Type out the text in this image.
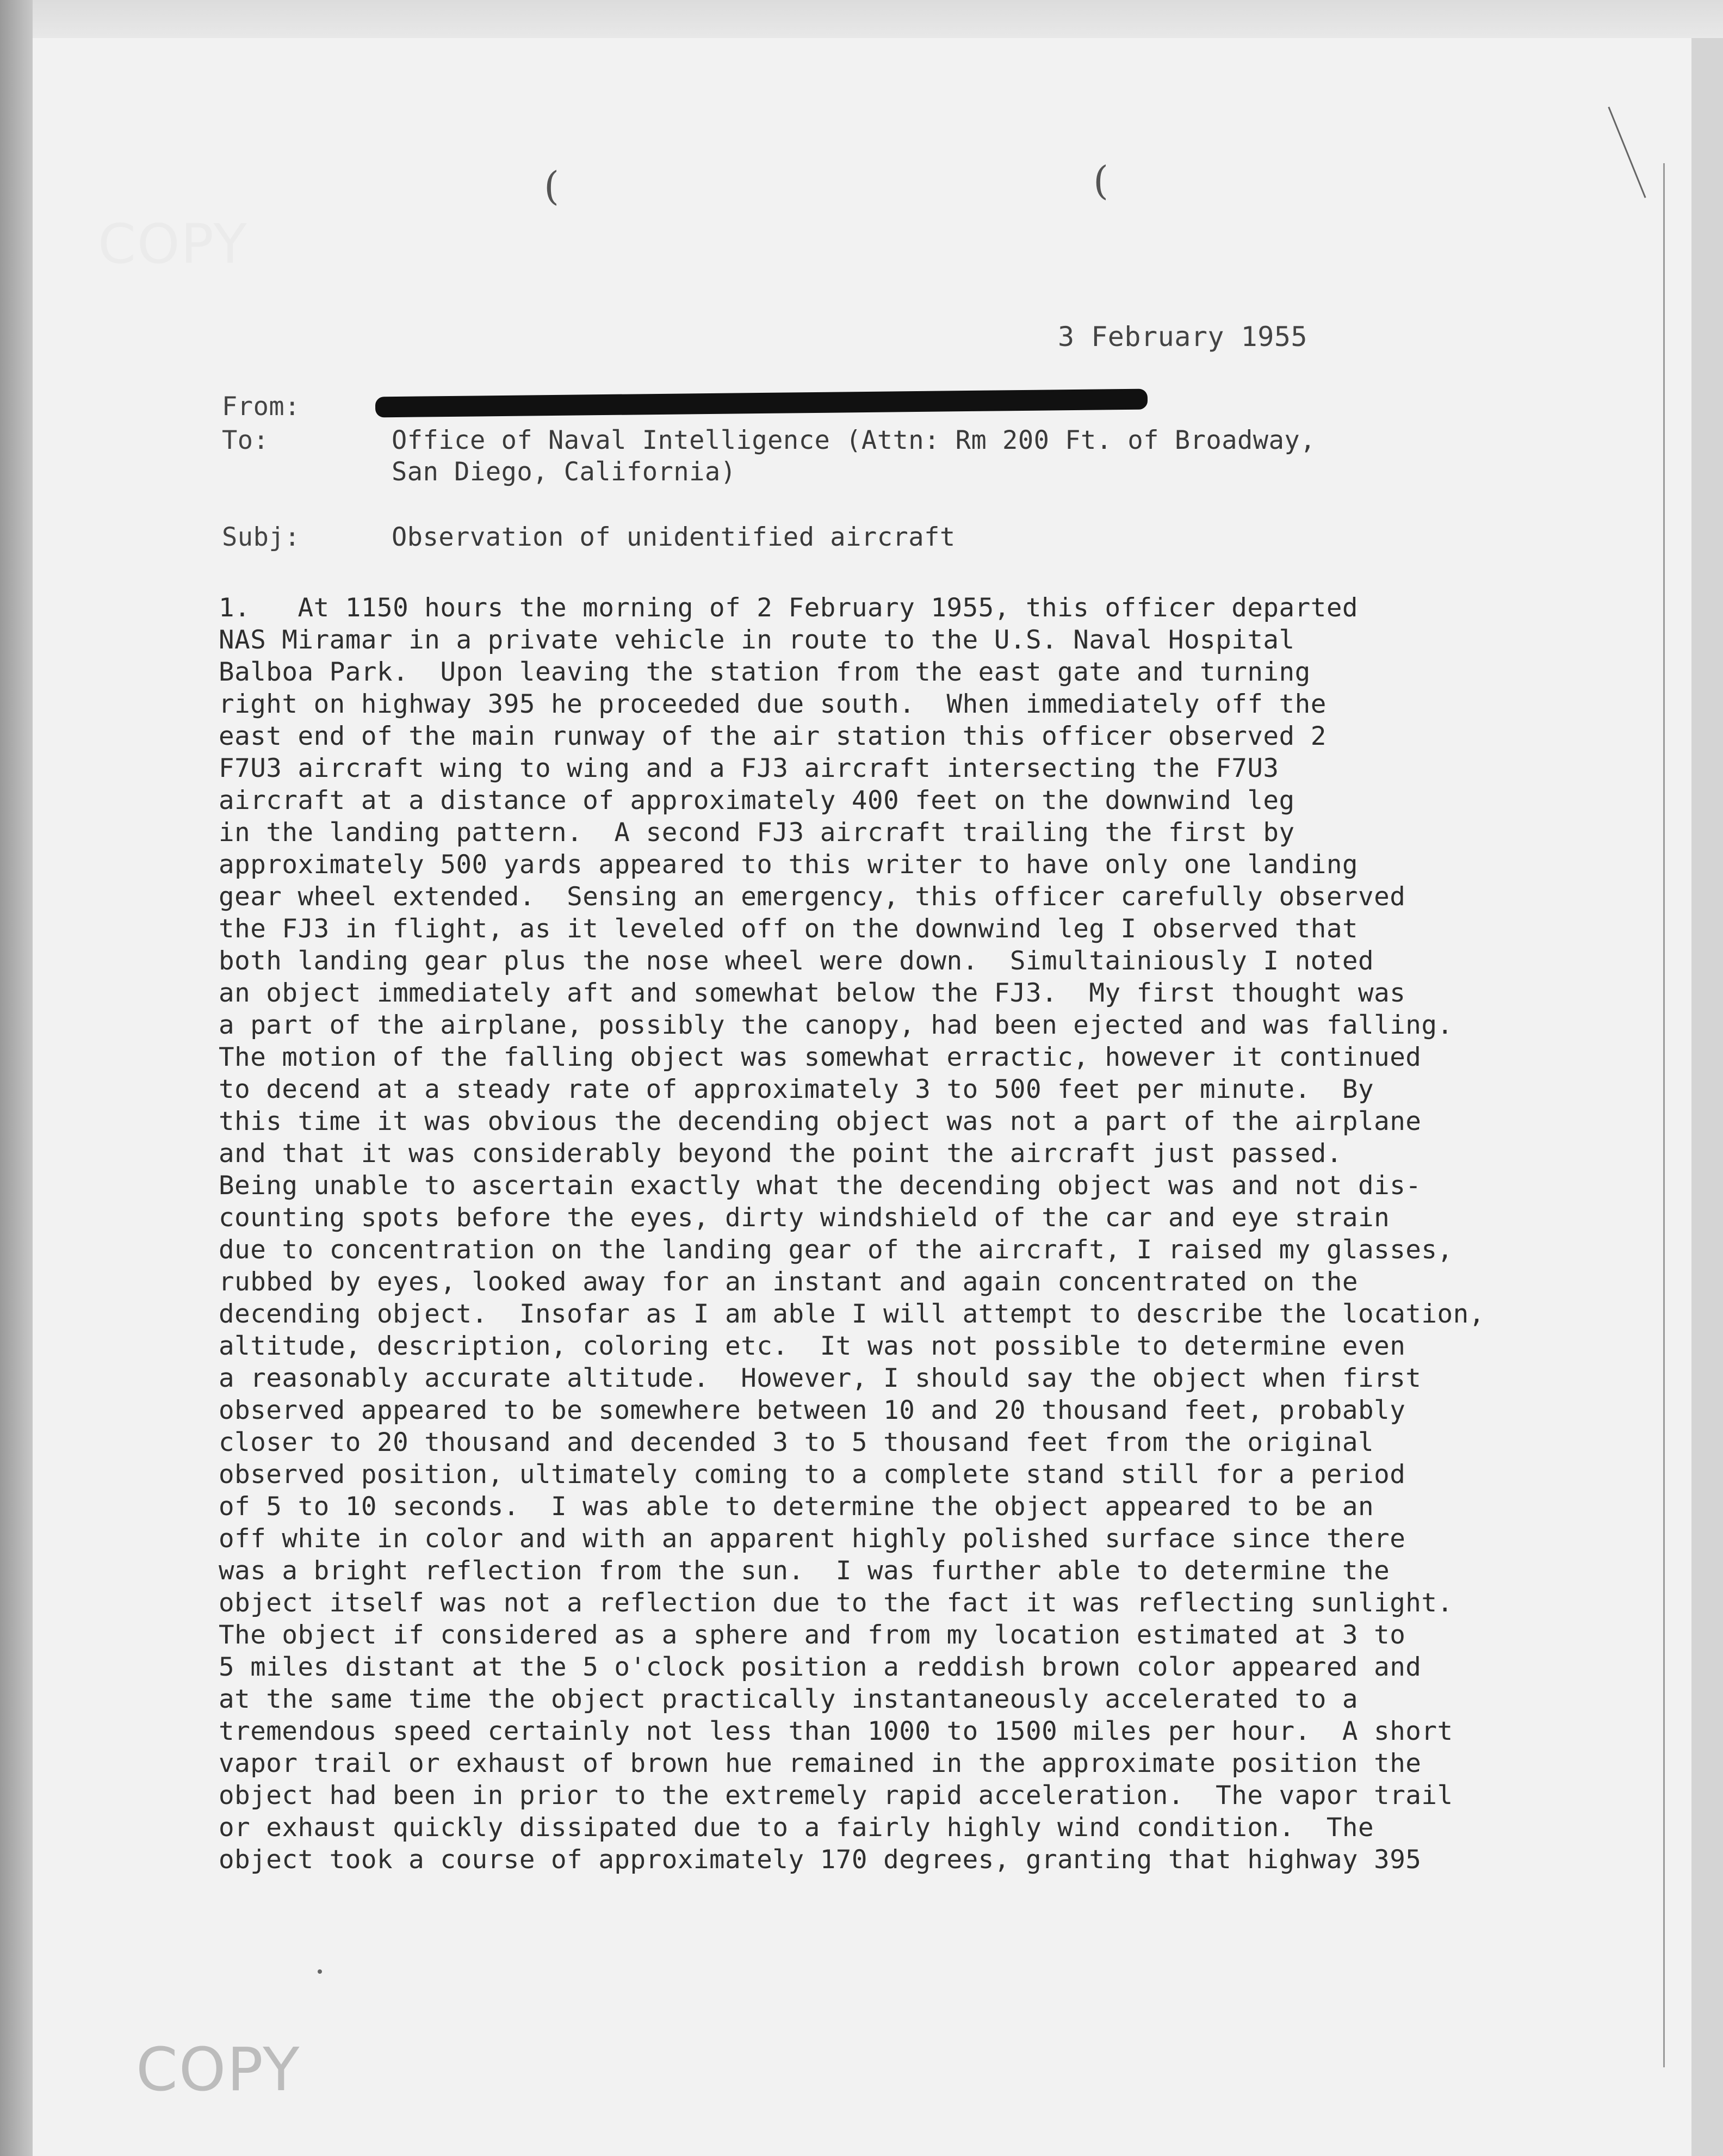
(	(
COPY
3 February 1955
From:
To:	Office of Naval Intelligence (Attn: Rm 200 Ft. of Broadway,
San Diego, California)
Subj:	Observation of unidentified aircraft
1.   At 1150 hours the morning of 2 February 1955, this officer departed
NAS Miramar in a private vehicle in route to the U.S. Naval Hospital
Balboa Park.  Upon leaving the station from the east gate and turning
right on highway 395 he proceeded due south.  When immediately off the
east end of the main runway of the air station this officer observed 2
F7U3 aircraft wing to wing and a FJ3 aircraft intersecting the F7U3
aircraft at a distance of approximately 400 feet on the downwind leg
in the landing pattern.  A second FJ3 aircraft trailing the first by
approximately 500 yards appeared to this writer to have only one landing
gear wheel extended.  Sensing an emergency, this officer carefully observed
the FJ3 in flight, as it leveled off on the downwind leg I observed that
both landing gear plus the nose wheel were down.  Simultainiously I noted
an object immediately aft and somewhat below the FJ3.  My first thought was
a part of the airplane, possibly the canopy, had been ejected and was falling.
The motion of the falling object was somewhat erractic, however it continued
to decend at a steady rate of approximately 3 to 500 feet per minute.  By
this time it was obvious the decending object was not a part of the airplane
and that it was considerably beyond the point the aircraft just passed.
Being unable to ascertain exactly what the decending object was and not dis-
counting spots before the eyes, dirty windshield of the car and eye strain
due to concentration on the landing gear of the aircraft, I raised my glasses,
rubbed by eyes, looked away for an instant and again concentrated on the
decending object.  Insofar as I am able I will attempt to describe the location,
altitude, description, coloring etc.  It was not possible to determine even
a reasonably accurate altitude.  However, I should say the object when first
observed appeared to be somewhere between 10 and 20 thousand feet, probably
closer to 20 thousand and decended 3 to 5 thousand feet from the original
observed position, ultimately coming to a complete stand still for a period
of 5 to 10 seconds.  I was able to determine the object appeared to be an
off white in color and with an apparent highly polished surface since there
was a bright reflection from the sun.  I was further able to determine the
object itself was not a reflection due to the fact it was reflecting sunlight.
The object if considered as a sphere and from my location estimated at 3 to
5 miles distant at the 5 o'clock position a reddish brown color appeared and
at the same time the object practically instantaneously accelerated to a
tremendous speed certainly not less than 1000 to 1500 miles per hour.  A short
vapor trail or exhaust of brown hue remained in the approximate position the
object had been in prior to the extremely rapid acceleration.  The vapor trail
or exhaust quickly dissipated due to a fairly highly wind condition.  The
object took a course of approximately 170 degrees, granting that highway 395
COPY
